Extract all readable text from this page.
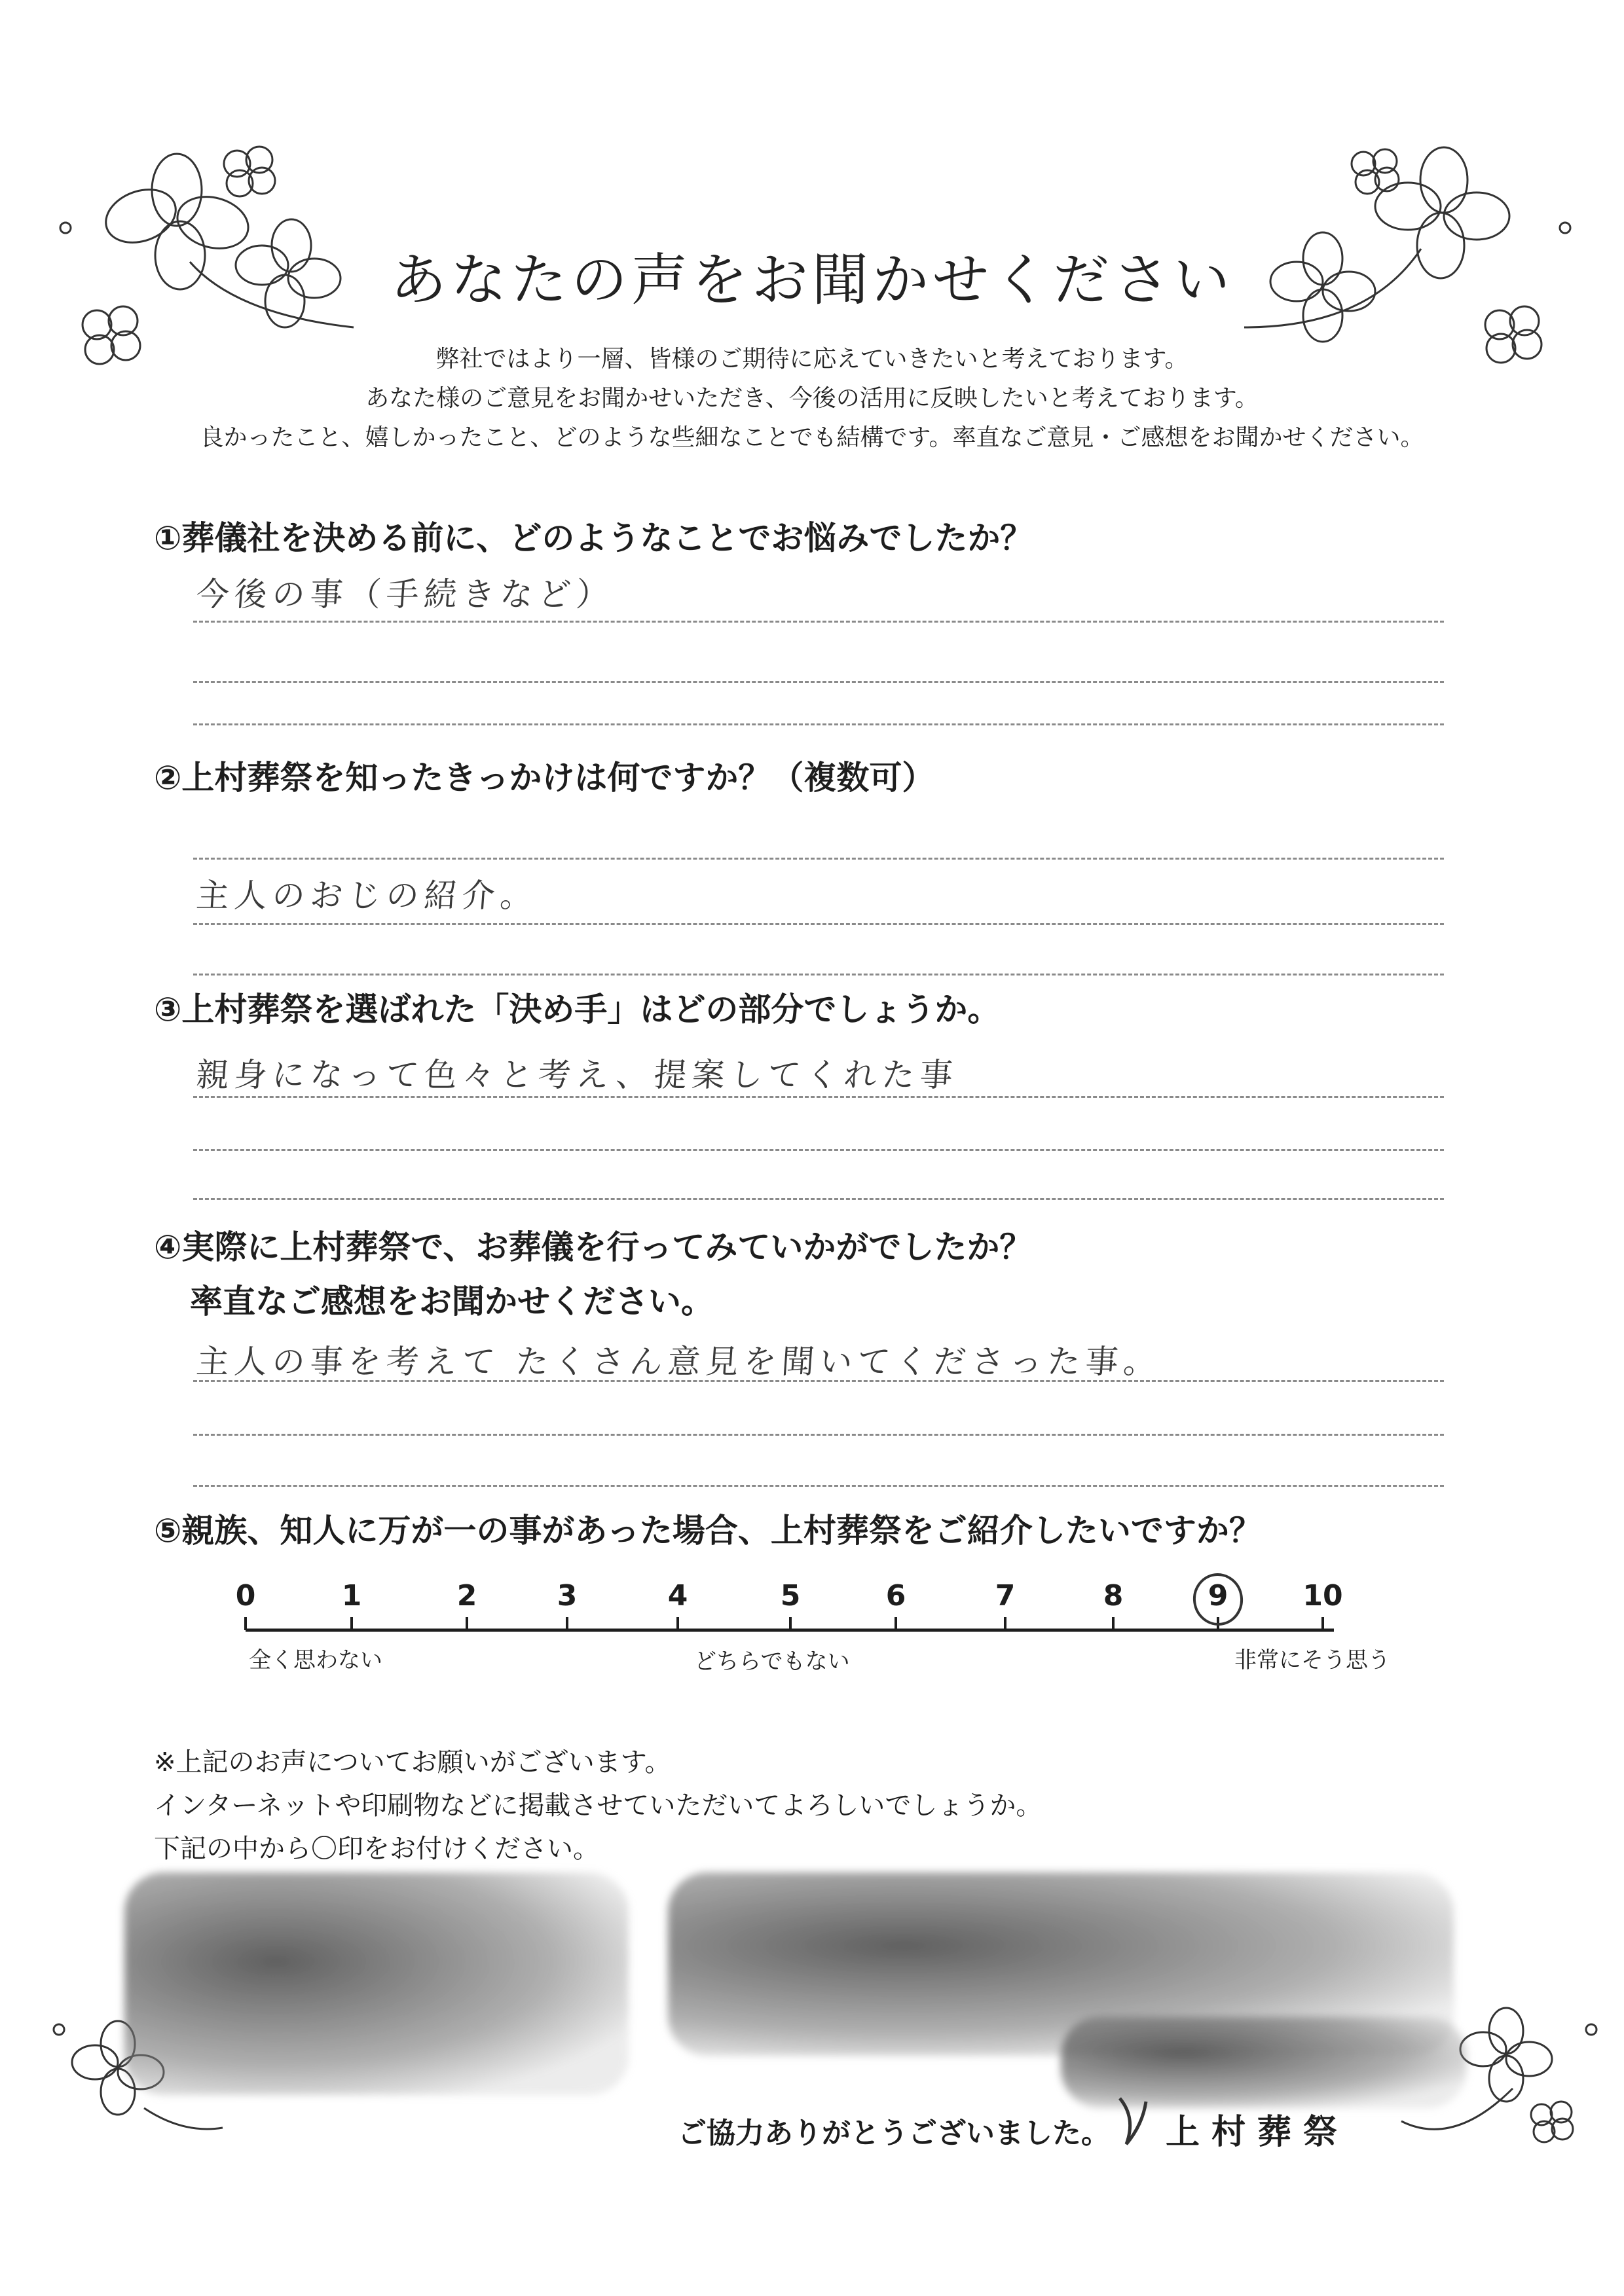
あなたの声をお聞かせください
弊社ではより一層、皆様のご期待に応えていきたいと考えております。
あなた様のご意見をお聞かせいただき、今後の活用に反映したいと考えております。
良かったこと、嬉しかったこと、どのような些細なことでも結構です。率直なご意見・ご感想をお聞かせください。
①葬儀社を決める前に、どのようなことでお悩みでしたか？
今後の事（手続きなど）
②上村葬祭を知ったきっかけは何ですか？（複数可）
主人のおじの紹介。
③上村葬祭を選ばれた「決め手」はどの部分でしょうか。
親身になって色々と考え、提案してくれた事
④実際に上村葬祭で、お葬儀を行ってみていかがでしたか？
率直なご感想をお聞かせください。
主人の事を考えて たくさん意見を聞いてくださった事。
⑤親族、知人に万が一の事があった場合、上村葬祭をご紹介したいですか？
0	1	2	3	4	5	6	7	8	9	10
全く思わない	どちらでもない	非常にそう思う
※上記のお声についてお願いがございます。
インターネットや印刷物などに掲載させていただいてよろしいでしょうか。
下記の中から〇印をお付けください。
ご協力ありがとうございました。 上村葬祭
